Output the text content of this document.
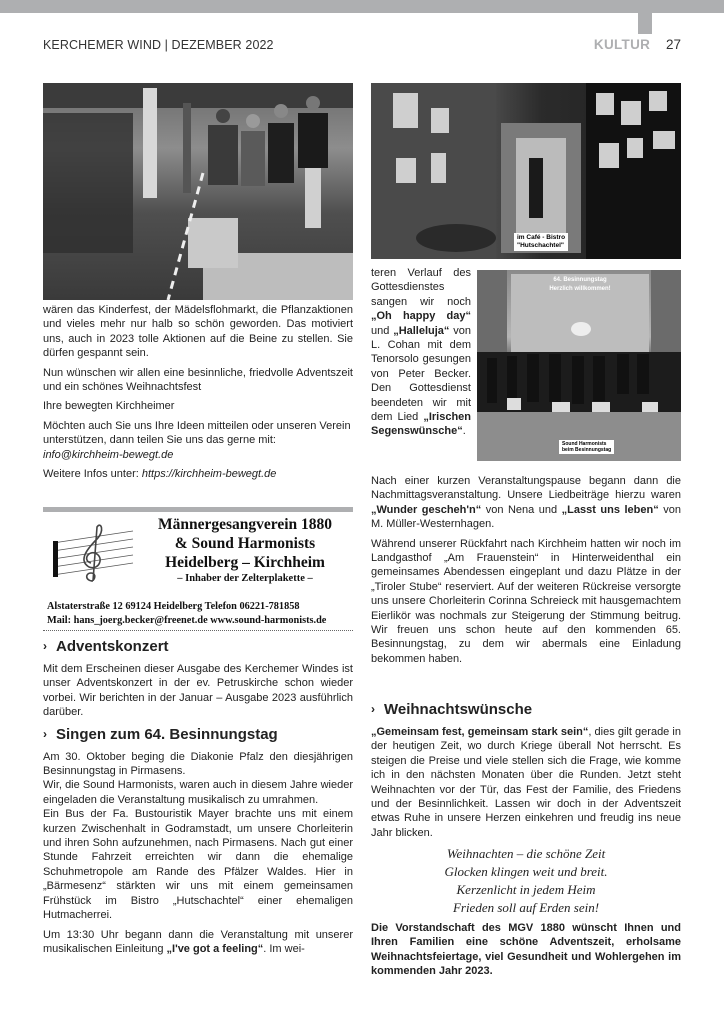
KERCHEMER WIND | DEZEMBER 2022	KULTUR 27
im Café - Bistro
"Hutschachtel"
64. Besinnungstag
Herzlich willkommen!
Sound Harmonists
beim Besinnungstag

wären das Kinderfest, der Mädelsflohmarkt, die Pflanzaktionen und vieles mehr nur halb so schön geworden. Das motiviert uns, auch in 2023 tolle Aktionen auf die Beine zu stellen. Sie dürfen gespannt sein.

Nun wünschen wir allen eine besinnliche, friedvolle Adventszeit und ein schönes Weihnachtsfest

Ihre bewegten Kirchheimer

Möchten auch Sie uns Ihre Ideen mitteilen oder unseren Verein unterstützen, dann teilen Sie uns das gerne mit:
info@kirchheim-bewegt.de

Weitere Infos unter: https://kirchheim-bewegt.de

Männergesangverein 1880
& Sound Harmonists
Heidelberg – Kirchheim
– Inhaber der Zelterplakette –
Alstaterstraße 12 69124 Heidelberg Telefon 06221-781858
Mail: hans_joerg.becker@freenet.de www.sound-harmonists.de
› Adventskonzert

Mit dem Erscheinen dieser Ausgabe des Kerchemer Windes ist unser Adventskonzert in der ev. Petruskirche schon wieder vorbei. Wir berichten in der Januar – Ausgabe 2023 ausführlich darüber.

› Singen zum 64. Besinnungstag

Am 30. Oktober beging die Diakonie Pfalz den diesjährigen Besinnungstag in Pirmasens.

Wir, die Sound Harmonists, waren auch in diesem Jahre wieder eingeladen die Veranstaltung musikalisch zu umrahmen.

Ein Bus der Fa. Bustouristik Mayer brachte uns mit einem kurzen Zwischenhalt in Godramstadt, um unsere Chorleiterin und ihren Sohn aufzunehmen, nach Pirmasens. Nach gut einer Stunde Fahrzeit erreichten wir dann die ehemalige Schuhmetropole am Rande des Pfälzer Waldes. Hier in „Bärmesenz“ stärkten wir uns mit einem gemeinsamen Frühstück im Bistro „Hutschachtel“ einer ehemaligen Hutmacherrei.

Um 13:30 Uhr begann dann die Veranstaltung mit unserer musikalischen Einleitung „I've got a feeling“. Im wei-

teren Verlauf des Gottesdienstes sangen wir noch „Oh happy day“ und „Halleluja“ von L. Cohan mit dem Tenorsolo gesungen von Peter Becker. Den Gottesdienst beendeten wir mit dem Lied „Irischen Segenswünsche“.

Nach einer kurzen Veranstaltungspause begann dann die Nachmittagsveranstaltung. Unsere Liedbeiträge hierzu waren „Wunder gescheh'n“ von Nena und „Lasst uns leben“ von M. Müller-Westernhagen.

Während unserer Rückfahrt nach Kirchheim hatten wir noch im Landgasthof „Am Frauenstein“ in Hinterweidenthal ein gemeinsames Abendessen eingeplant und dazu Plätze in der „Tiroler Stube“ reserviert. Auf der weiteren Rückreise versorgte uns unsere Chorleiterin Corinna Schreieck mit hausgemachtem Eierlikör was nochmals zur Steigerung der Stimmung beitrug. Wir freuen uns schon heute auf den kommenden 65. Besinnungstag, zu dem wir abermals eine Einladung bekommen haben.

› Weihnachtswünsche

„Gemeinsam fest, gemeinsam stark sein“, dies gilt gerade in der heutigen Zeit, wo durch Kriege überall Not herrscht. Es steigen die Preise und viele stellen sich die Frage, wie komme ich in den nächsten Monaten über die Runden. Jetzt steht Weihnachten vor der Tür, das Fest der Familie, des Friedens und der Besinnlichkeit. Lassen wir doch in der Adventszeit etwas Ruhe in unsere Herzen einkehren und freudig ins neue Jahr blicken.

Weihnachten – die schöne Zeit
Glocken klingen weit und breit.
Kerzenlicht in jedem Heim
Frieden soll auf Erden sein!
Die Vorstandschaft des MGV 1880 wünscht Ihnen und Ihren Familien eine schöne Adventszeit, erholsame Weihnachtsfeiertage, viel Gesundheit und Wohlergehen im kommenden Jahr 2023.
